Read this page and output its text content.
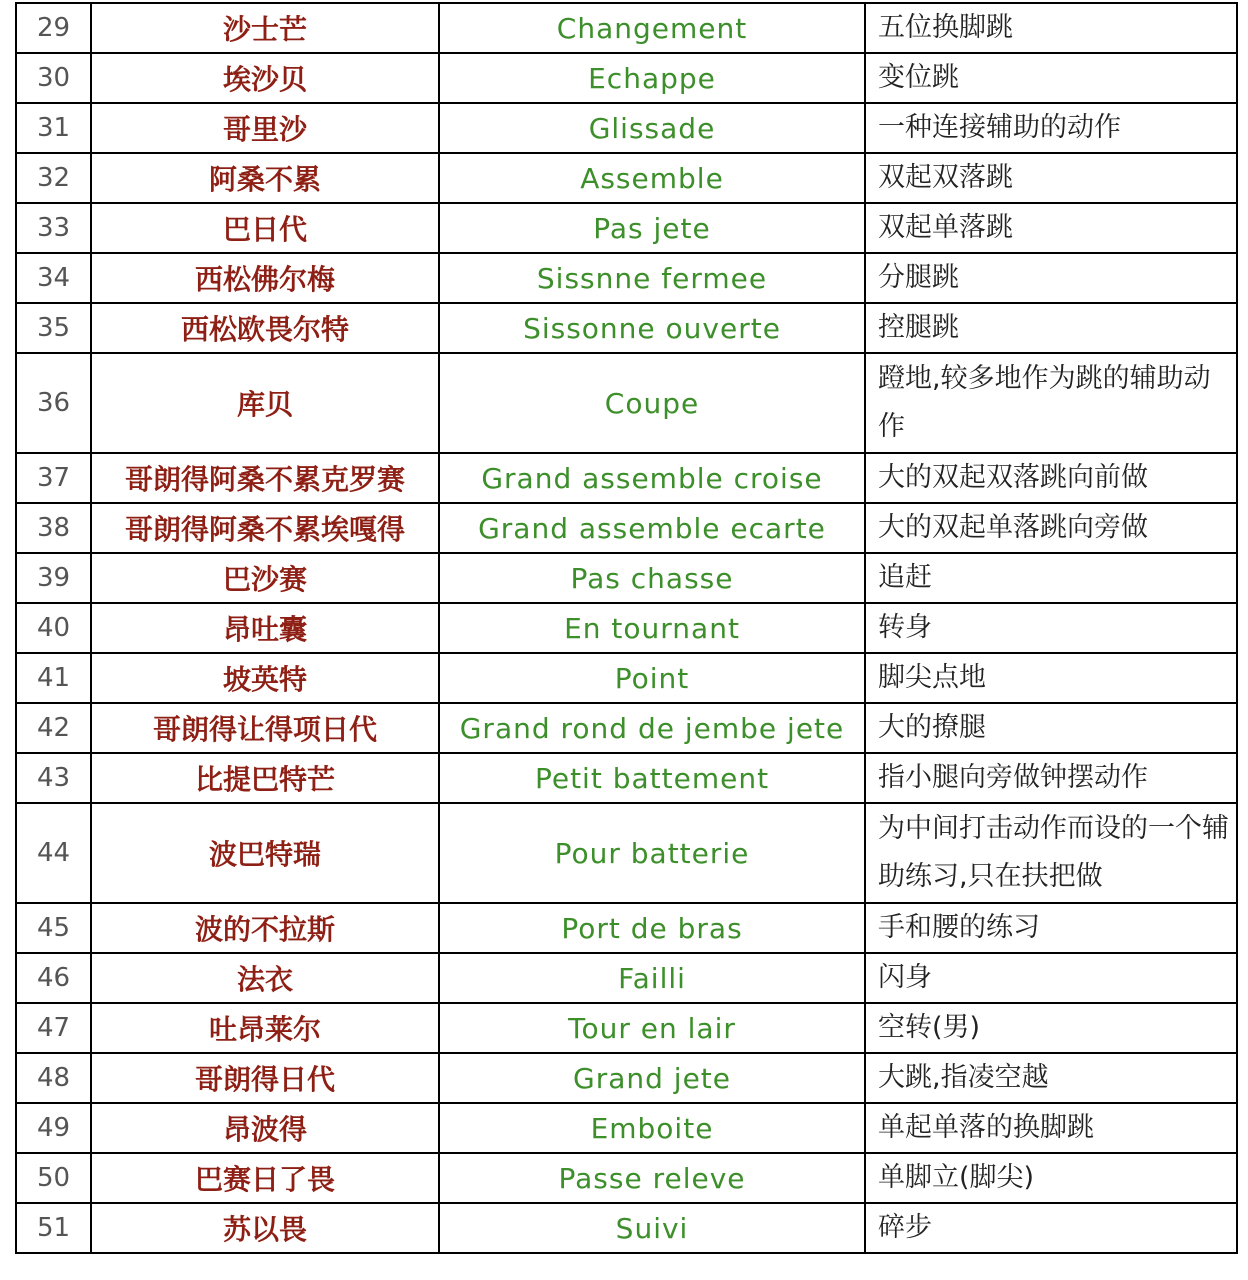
29	沙士芒	Changement	五位换脚跳
30	埃沙贝	Echappe	变位跳
31	哥里沙	Glissade	一种连接辅助的动作
32	阿桑不累	Assemble	双起双落跳
33	巴日代	Pas jete	双起单落跳
34	西松佛尔梅	Sissnne fermee	分腿跳
35	西松欧畏尔特	Sissonne ouverte	控腿跳
36	库贝	Coupe	蹬地,较多地作为跳的辅助动作
37	哥朗得阿桑不累克罗赛	Grand assemble croise	大的双起双落跳向前做
38	哥朗得阿桑不累埃嘎得	Grand assemble ecarte	大的双起单落跳向旁做
39	巴沙赛	Pas chasse	追赶
40	昂吐囊	En tournant	转身
41	坡英特	Point	脚尖点地
42	哥朗得让得项日代	Grand rond de jembe jete	大的撩腿
43	比提巴特芒	Petit battement	指小腿向旁做钟摆动作
44	波巴特瑞	Pour batterie	为中间打击动作而设的一个辅助练习,只在扶把做
45	波的不拉斯	Port de bras	手和腰的练习
46	法衣	Failli	闪身
47	吐昂莱尔	Tour en lair	空转(男)
48	哥朗得日代	Grand jete	大跳,指凌空越
49	昂波得	Emboite	单起单落的换脚跳
50	巴赛日了畏	Passe releve	单脚立(脚尖)
51	苏以畏	Suivi	碎步
